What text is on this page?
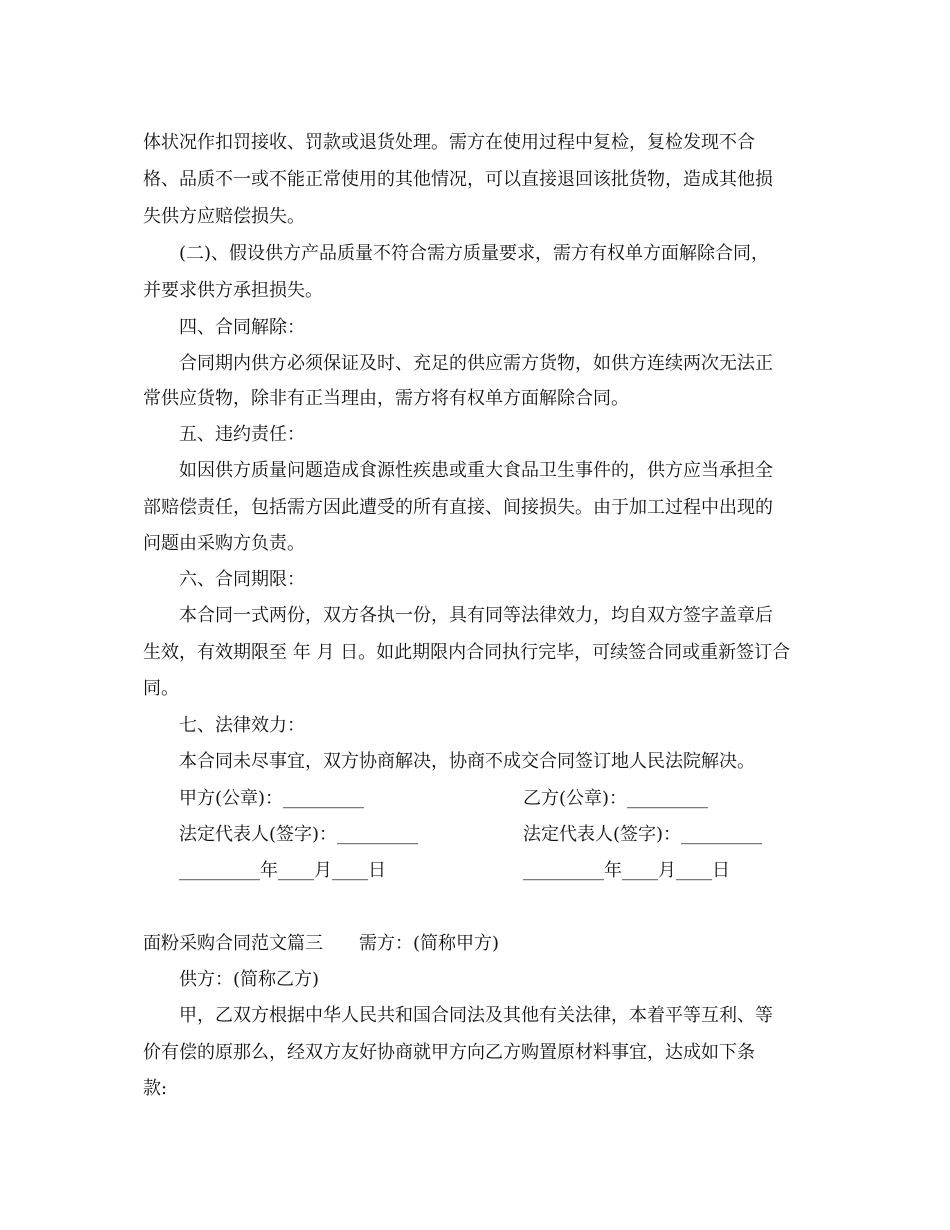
体状况作扣罚接收、罚款或退货处理。需方在使用过程中复检，复检发现不合
格、品质不一或不能正常使用的其他情况，可以直接退回该批货物，造成其他损
失供方应赔偿损失。
(二)、假设供方产品质量不符合需方质量要求，需方有权单方面解除合同，
并要求供方承担损失。
四、合同解除：
合同期内供方必须保证及时、充足的供应需方货物，如供方连续两次无法正
常供应货物，除非有正当理由，需方将有权单方面解除合同。
五、违约责任：
如因供方质量问题造成食源性疾患或重大食品卫生事件的，供方应当承担全
部赔偿责任，包括需方因此遭受的所有直接、间接损失。由于加工过程中出现的
问题由采购方负责。
六、合同期限：
本合同一式两份，双方各执一份，具有同等法律效力，均自双方签字盖章后
生效，有效期限至 年 月 日。如此期限内合同执行完毕，可续签合同或重新签订合
同。
七、法律效力：
本合同未尽事宜，双方协商解决，协商不成交合同签订地人民法院解决。
甲方(公章)：_________	乙方(公章)：_________
法定代表人(签字)：_________	法定代表人(签字)：_________
_________年____月____日	_________年____月____日
面粉采购合同范文篇三 需方：(简称甲方)
供方：(简称乙方)
甲，乙双方根据中华人民共和国合同法及其他有关法律，本着平等互利、等
价有偿的原那么，经双方友好协商就甲方向乙方购置原材料事宜，达成如下条
款:
